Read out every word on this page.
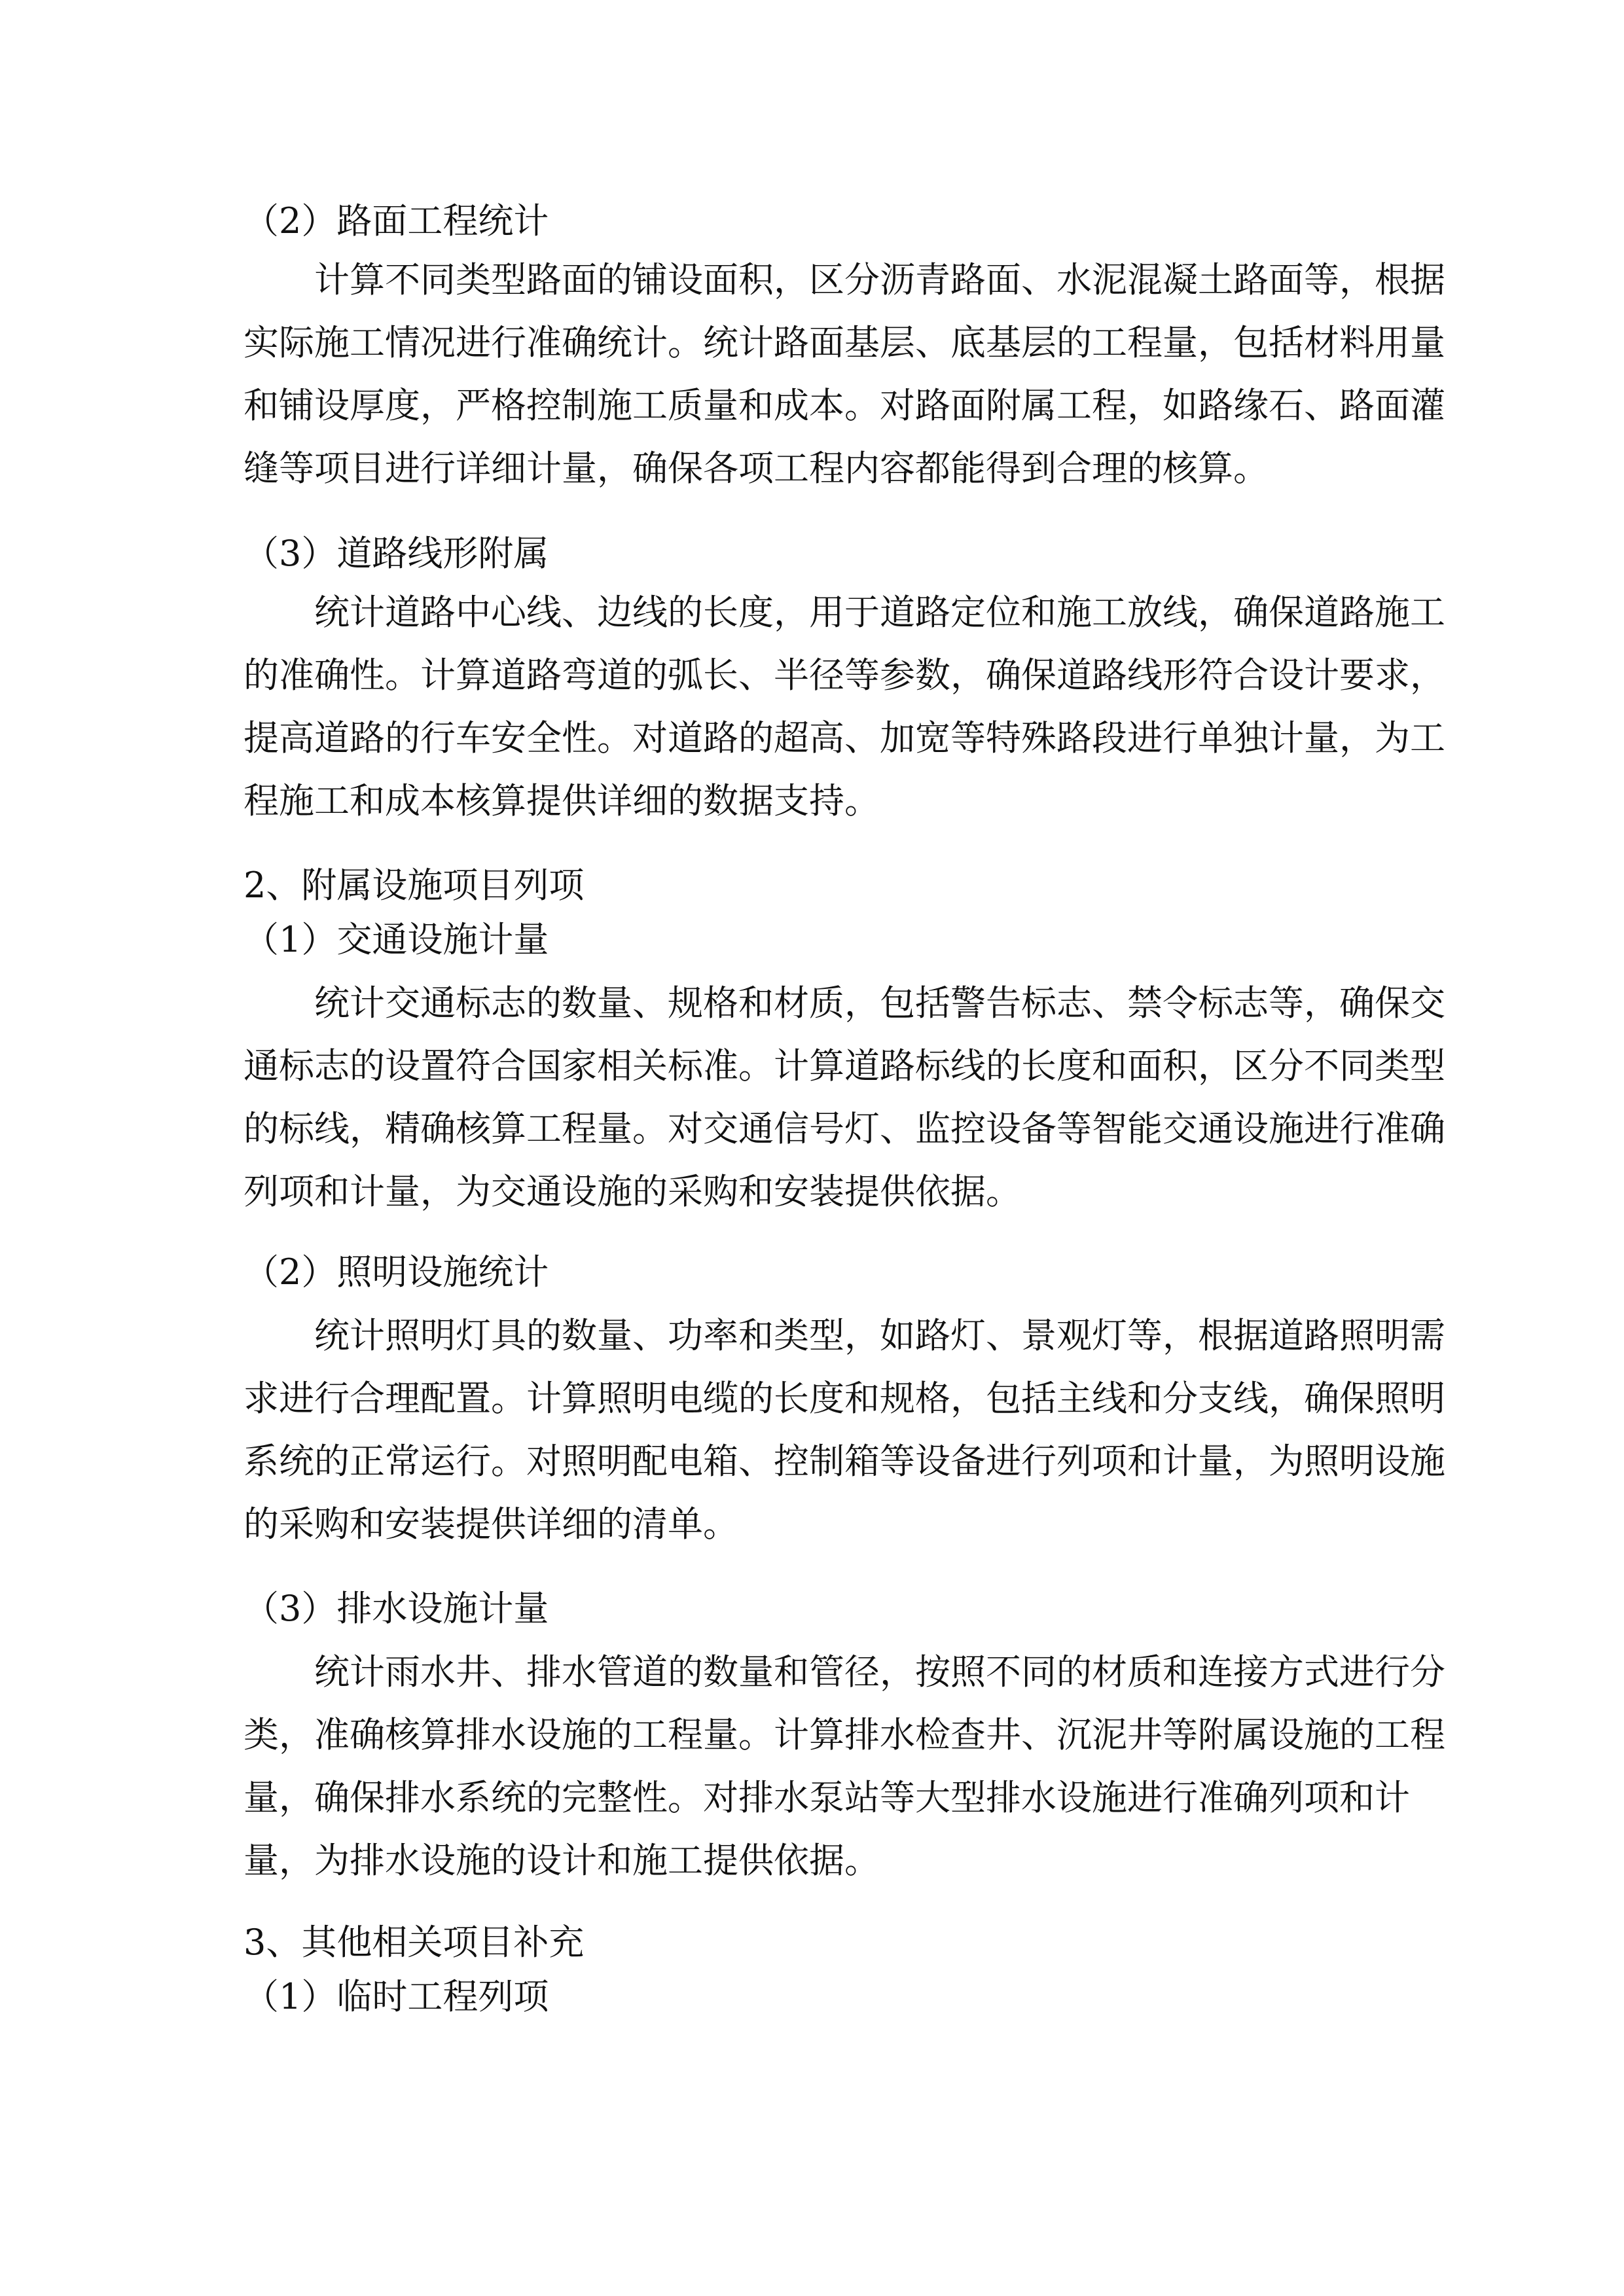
（2）路面工程统计
计算不同类型路面的铺设面积，区分沥青路面、水泥混凝土路面等，根据
实际施工情况进行准确统计。统计路面基层、底基层的工程量，包括材料用量
和铺设厚度，严格控制施工质量和成本。对路面附属工程，如路缘石、路面灌
缝等项目进行详细计量，确保各项工程内容都能得到合理的核算。
（3）道路线形附属
统计道路中心线、边线的长度，用于道路定位和施工放线，确保道路施工
的准确性。计算道路弯道的弧长、半径等参数，确保道路线形符合设计要求，
提高道路的行车安全性。对道路的超高、加宽等特殊路段进行单独计量，为工
程施工和成本核算提供详细的数据支持。
2、附属设施项目列项
（1）交通设施计量
统计交通标志的数量、规格和材质，包括警告标志、禁令标志等，确保交
通标志的设置符合国家相关标准。计算道路标线的长度和面积，区分不同类型
的标线，精确核算工程量。对交通信号灯、监控设备等智能交通设施进行准确
列项和计量，为交通设施的采购和安装提供依据。
（2）照明设施统计
统计照明灯具的数量、功率和类型，如路灯、景观灯等，根据道路照明需
求进行合理配置。计算照明电缆的长度和规格，包括主线和分支线，确保照明
系统的正常运行。对照明配电箱、控制箱等设备进行列项和计量，为照明设施
的采购和安装提供详细的清单。
（3）排水设施计量
统计雨水井、排水管道的数量和管径，按照不同的材质和连接方式进行分
类，准确核算排水设施的工程量。计算排水检查井、沉泥井等附属设施的工程
量，确保排水系统的完整性。对排水泵站等大型排水设施进行准确列项和计
量，为排水设施的设计和施工提供依据。
3、其他相关项目补充
（1）临时工程列项
